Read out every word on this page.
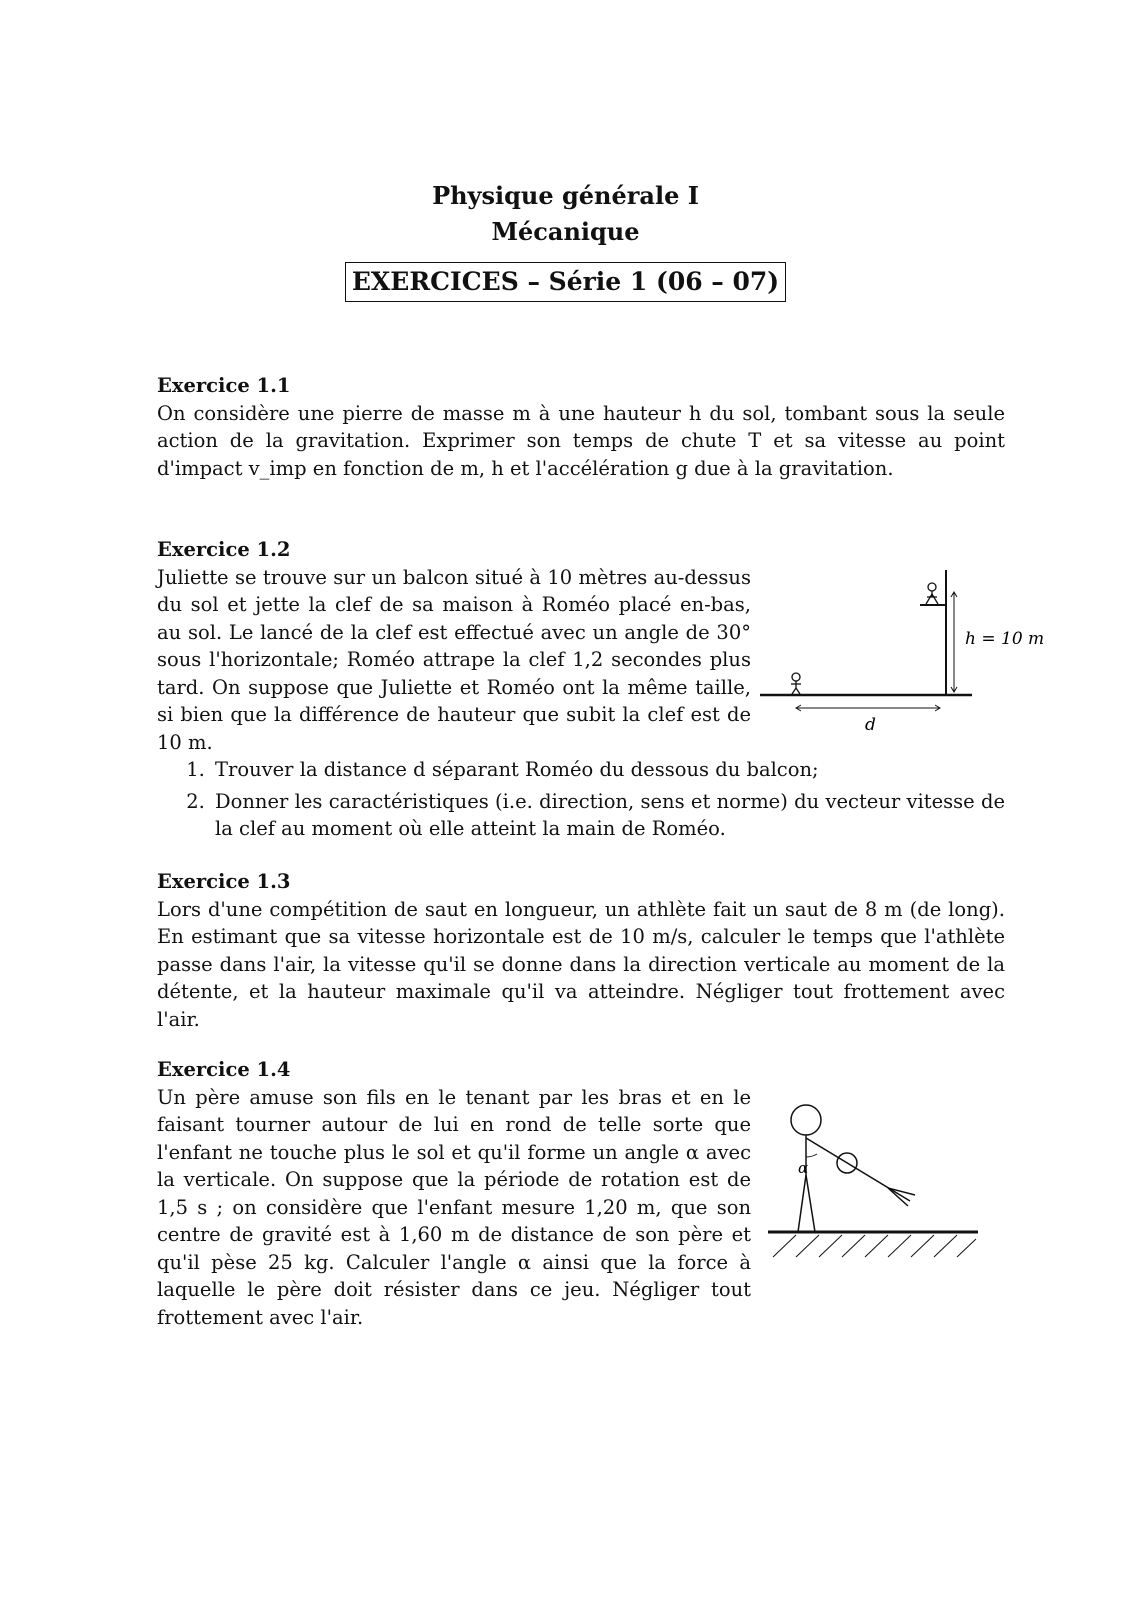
Physique générale I
Mécanique
EXERCICES – Série 1 (06 – 07)
Exercice 1.1

On considère une pierre de masse m à une hauteur h du sol, tombant sous la seule action de la gravitation. Exprimer son temps de chute T et sa vitesse au point d'impact v_imp en fonction de m, h et l'accélération g due à la gravitation.

Exercice 1.2

Juliette se trouve sur un balcon situé à 10 mètres au-dessus du sol et jette la clef de sa maison à Roméo placé en-bas, au sol. Le lancé de la clef est effectué avec un angle de 30° sous l'horizontale; Roméo attrape la clef 1,2 secondes plus tard. On suppose que Juliette et Roméo ont la même taille, si bien que la différence de hauteur que subit la clef est de 10 m.

1. Trouver la distance d séparant Roméo du dessous du balcon;
2. Donner les caractéristiques (i.e. direction, sens et norme) du vecteur vitesse de la clef au moment où elle atteint la main de Roméo.
h = 10 m
d
Exercice 1.3

Lors d'une compétition de saut en longueur, un athlète fait un saut de 8 m (de long). En estimant que sa vitesse horizontale est de 10 m/s, calculer le temps que l'athlète passe dans l'air, la vitesse qu'il se donne dans la direction verticale au moment de la détente, et la hauteur maximale qu'il va atteindre. Négliger tout frottement avec l'air.

Exercice 1.4

Un père amuse son fils en le tenant par les bras et en le faisant tourner autour de lui en rond de telle sorte que l'enfant ne touche plus le sol et qu'il forme un angle α avec la verticale. On suppose que la période de rotation est de 1,5 s ; on considère que l'enfant mesure 1,20 m, que son centre de gravité est à 1,60 m de distance de son père et qu'il pèse 25 kg. Calculer l'angle α ainsi que la force à laquelle le père doit résister dans ce jeu. Négliger tout frottement avec l'air.

α
